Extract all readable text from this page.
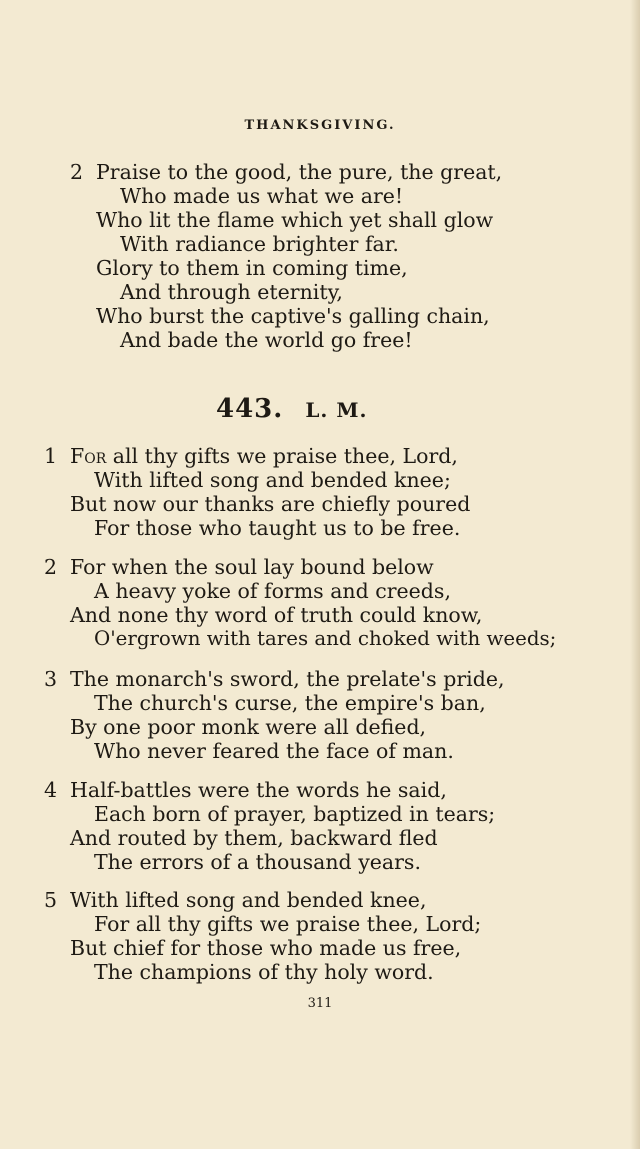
THANKSGIVING.
2 Praise to the good, the pure, the great,
Who made us what we are!
Who lit the flame which yet shall glow
With radiance brighter far.
Glory to them in coming time,
And through eternity,
Who burst the captive's galling chain,
And bade the world go free!
443. L. M.
1 For all thy gifts we praise thee, Lord,
With lifted song and bended knee;
But now our thanks are chiefly poured
For those who taught us to be free.
2 For when the soul lay bound below
A heavy yoke of forms and creeds,
And none thy word of truth could know,
O'ergrown with tares and choked with weeds;
3 The monarch's sword, the prelate's pride,
The church's curse, the empire's ban,
By one poor monk were all defied,
Who never feared the face of man.
4 Half-battles were the words he said,
Each born of prayer, baptized in tears;
And routed by them, backward fled
The errors of a thousand years.
5 With lifted song and bended knee,
For all thy gifts we praise thee, Lord;
But chief for those who made us free,
The champions of thy holy word.
311
